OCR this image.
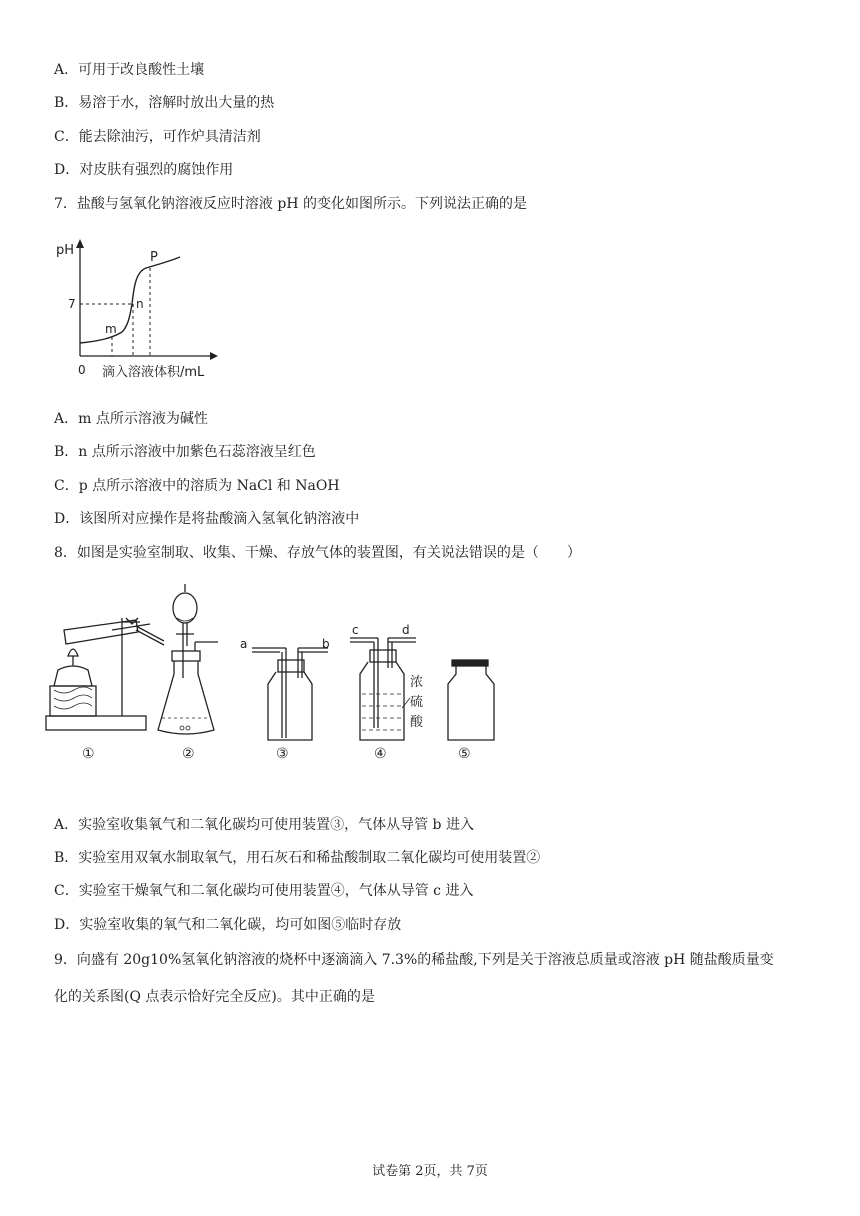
A．可用于改良酸性土壤
B．易溶于水，溶解时放出大量的热
C．能去除油污，可作炉具清洁剂
D．对皮肤有强烈的腐蚀作用
7．盐酸与氢氧化钠溶液反应时溶液 pH 的变化如图所示。下列说法正确的是
pH
7
0
m
n
P
滴入溶液体积/mL
A．m 点所示溶液为碱性
B．n 点所示溶液中加紫色石蕊溶液呈红色
C．p 点所示溶液中的溶质为 NaCl 和 NaOH
D．该图所对应操作是将盐酸滴入氢氧化钠溶液中
8．如图是实验室制取、收集、干燥、存放气体的装置图，有关说法错误的是（　　）
①	②
a	b
③
c	d
浓
硫
酸
④	⑤
A．实验室收集氧气和二氧化碳均可使用装置③，气体从导管 b 进入
B．实验室用双氧水制取氧气，用石灰石和稀盐酸制取二氧化碳均可使用装置②
C．实验室干燥氧气和二氧化碳均可使用装置④，气体从导管 c 进入
D．实验室收集的氧气和二氧化碳，均可如图⑤临时存放
9．向盛有 20g10%氢氧化钠溶液的烧杯中逐滴滴入 7.3%的稀盐酸,下列是关于溶液总质量或溶液 pH 随盐酸质量变
化的关系图(Q 点表示恰好完全反应)。其中正确的是
试卷第 2页，共 7页
